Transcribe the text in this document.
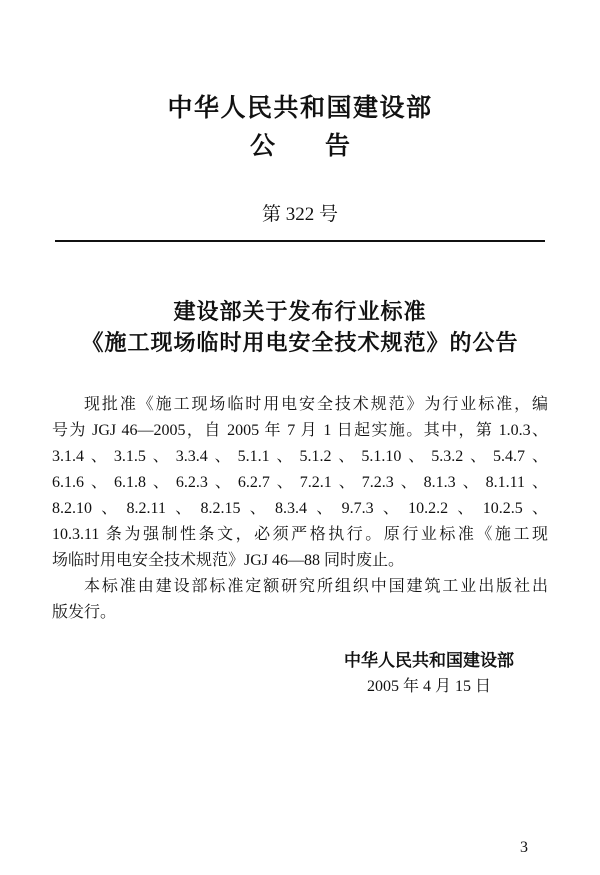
中华人民共和国建设部
公　　告
第 322 号
建设部关于发布行业标准
《施工现场临时用电安全技术规范》的公告
现批准《施工现场临时用电安全技术规范》为行业标准，编
号为 JGJ 46—2005，自 2005 年 7 月 1 日起实施。其中，第 1.0.3、
3.1.4、3.1.5、3.3.4、5.1.1、5.1.2、5.1.10、5.3.2、5.4.7、
6.1.6、6.1.8、6.2.3、6.2.7、7.2.1、7.2.3、8.1.3、8.1.11、
8.2.10、8.2.11、8.2.15、8.3.4、9.7.3、10.2.2、10.2.5、
10.3.11 条为强制性条文，必须严格执行。原行业标准《施工现
场临时用电安全技术规范》JGJ 46—88 同时废止。
本标准由建设部标准定额研究所组织中国建筑工业出版社出
版发行。
中华人民共和国建设部
2005 年 4 月 15 日
3
